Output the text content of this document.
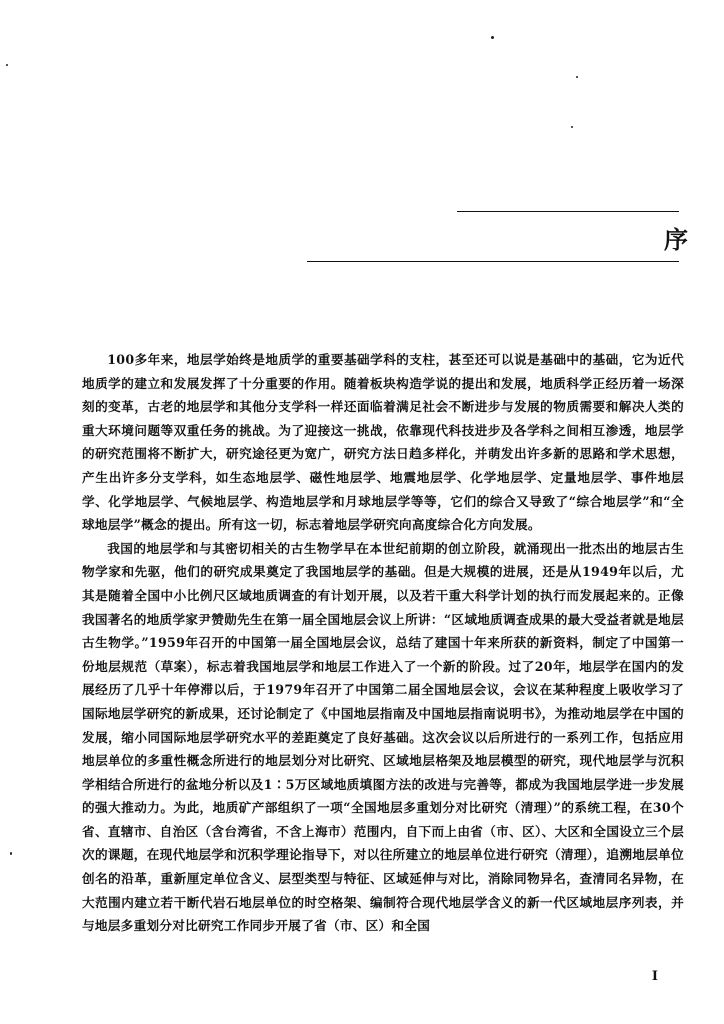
序

100多年来，地层学始终是地质学的重要基础学科的支柱，甚至还可以说是基础中的基础，它为近代地质学的建立和发展发挥了十分重要的作用。随着板块构造学说的提出和发展，地质科学正经历着一场深刻的变革，古老的地层学和其他分支学科一样还面临着满足社会不断进步与发展的物质需要和解决人类的重大环境问题等双重任务的挑战。为了迎接这一挑战，依靠现代科技进步及各学科之间相互渗透，地层学的研究范围将不断扩大，研究途径更为宽广，研究方法日趋多样化，并萌发出许多新的思路和学术思想，产生出许多分支学科，如生态地层学、磁性地层学、地震地层学、化学地层学、定量地层学、事件地层学、化学地层学、气候地层学、构造地层学和月球地层学等等，它们的综合又导致了“综合地层学”和“全球地层学”概念的提出。所有这一切，标志着地层学研究向高度综合化方向发展。

我国的地层学和与其密切相关的古生物学早在本世纪前期的创立阶段，就涌现出一批杰出的地层古生物学家和先驱，他们的研究成果奠定了我国地层学的基础。但是大规模的进展，还是从1949年以后，尤其是随着全国中小比例尺区域地质调查的有计划开展，以及若干重大科学计划的执行而发展起来的。正像我国著名的地质学家尹赞勋先生在第一届全国地层会议上所讲：“区域地质调查成果的最大受益者就是地层古生物学。”1959年召开的中国第一届全国地层会议，总结了建国十年来所获的新资料，制定了中国第一份地层规范（草案），标志着我国地层学和地层工作进入了一个新的阶段。过了20年，地层学在国内的发展经历了几乎十年停滞以后，于1979年召开了中国第二届全国地层会议，会议在某种程度上吸收学习了国际地层学研究的新成果，还讨论制定了《中国地层指南及中国地层指南说明书》，为推动地层学在中国的发展，缩小同国际地层学研究水平的差距奠定了良好基础。这次会议以后所进行的一系列工作，包括应用地层单位的多重性概念所进行的地层划分对比研究、区域地层格架及地层模型的研究，现代地层学与沉积学相结合所进行的盆地分析以及1∶5万区域地质填图方法的改进与完善等，都成为我国地层学进一步发展的强大推动力。为此，地质矿产部组织了一项“全国地层多重划分对比研究（清理）”的系统工程，在30个省、直辖市、自治区（含台湾省，不含上海市）范围内，自下而上由省（市、区）、大区和全国设立三个层次的课题，在现代地层学和沉积学理论指导下，对以往所建立的地层单位进行研究（清理），追溯地层单位创名的沿革，重新厘定单位含义、层型类型与特征、区域延伸与对比，消除同物异名，查清同名异物，在大范围内建立若干断代岩石地层单位的时空格架、编制符合现代地层学含义的新一代区域地层序列表，并与地层多重划分对比研究工作同步开展了省（市、区）和全国

I
